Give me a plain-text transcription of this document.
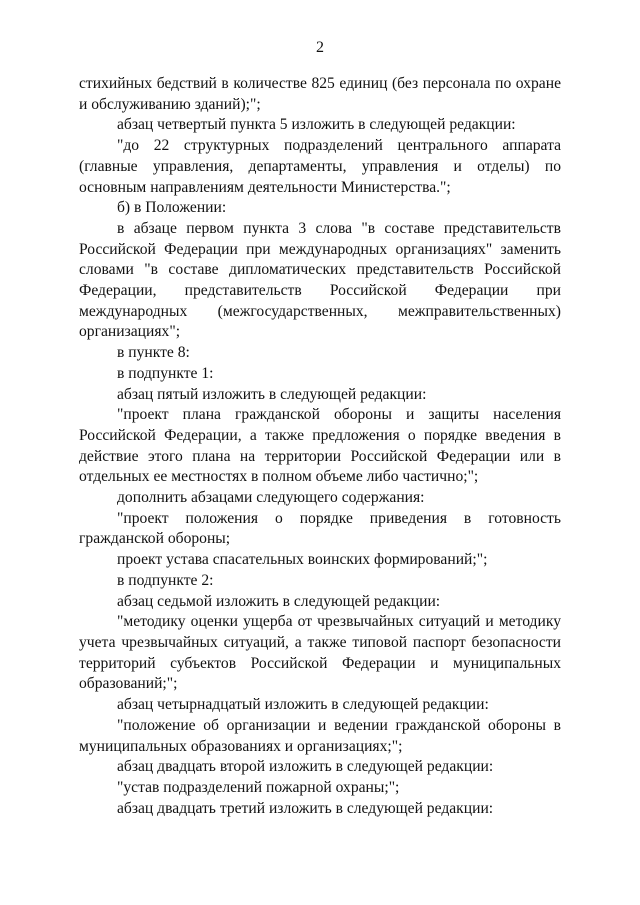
2

стихийных бедствий в количестве 825 единиц (без персонала по охране и обслуживанию зданий);";

абзац четвертый пункта 5 изложить в следующей редакции:

"до 22 структурных подразделений центрального аппарата (главные управления, департаменты, управления и отделы) по основным направлениям деятельности Министерства.";

б) в Положении:

в абзаце первом пункта 3 слова "в составе представительств Российской Федерации при международных организациях" заменить словами "в составе дипломатических представительств Российской Федерации, представительств Российской Федерации при международных (межгосударственных, межправительственных) организациях";

в пункте 8:

в подпункте 1:

абзац пятый изложить в следующей редакции:

"проект плана гражданской обороны и защиты населения Российской Федерации, а также предложения о порядке введения в действие этого плана на территории Российской Федерации или в отдельных ее местностях в полном объеме либо частично;";

дополнить абзацами следующего содержания:

"проект положения о порядке приведения в готовность гражданской обороны;

проект устава спасательных воинских формирований;";

в подпункте 2:

абзац седьмой изложить в следующей редакции:

"методику оценки ущерба от чрезвычайных ситуаций и методику учета чрезвычайных ситуаций, а также типовой паспорт безопасности территорий субъектов Российской Федерации и муниципальных образований;";

абзац четырнадцатый изложить в следующей редакции:

"положение об организации и ведении гражданской обороны в муниципальных образованиях и организациях;";

абзац двадцать второй изложить в следующей редакции:

"устав подразделений пожарной охраны;";

абзац двадцать третий изложить в следующей редакции:
